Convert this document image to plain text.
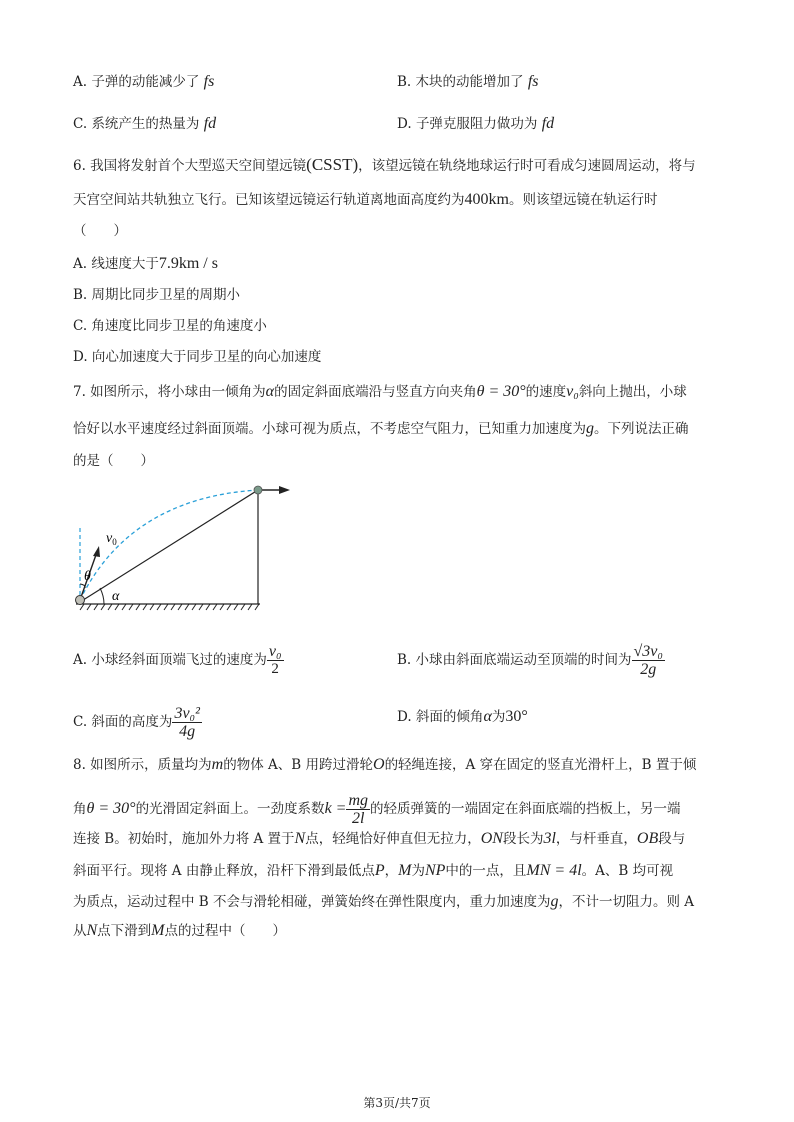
A. 子弹的动能减少了 fs	B. 木块的动能增加了 fs
C. 系统产生的热量为 fd	D. 子弹克服阻力做功为 fd
6. 我国将发射首个大型巡天空间望远镜(CSST)，该望远镜在轨绕地球运行时可看成匀速圆周运动，将与
天宫空间站共轨独立飞行。已知该望远镜运行轨道离地面高度约为400km。则该望远镜在轨运行时
（　　）
A. 线速度大于7.9km / s
B. 周期比同步卫星的周期小
C. 角速度比同步卫星的角速度小
D. 向心加速度大于同步卫星的向心加速度
7. 如图所示，将小球由一倾角为α的固定斜面底端沿与竖直方向夹角θ = 30°的速度v₀斜向上抛出，小球
恰好以水平速度经过斜面顶端。小球可视为质点，不考虑空气阻力，已知重力加速度为g。下列说法正确
的是（　　）
$v_0$
θ
α
A. 小球经斜面顶端飞过的速度为 $\frac{\text{v₀}}{2}$	B. 小球由斜面底端运动至顶端的时间为 $\frac{\text{√3v₀}}{2g}$
C. 斜面的高度为 $\frac{\text{3v₀²}}{4g}$	D. 斜面的倾角α为30°
8. 如图所示，质量均为m的物体 A、B 用跨过滑轮O的轻绳连接，A 穿在固定的竖直光滑杆上，B 置于倾
角θ = 30°的光滑固定斜面上。一劲度系数$k = \frac{mg}{2l}$ 的轻质弹簧的一端固定在斜面底端的挡板上，另一端
连接 B。初始时，施加外力将 A 置于N点，轻绳恰好伸直但无拉力，ON段长为3l，与杆垂直，OB段与
斜面平行。现将 A 由静止释放，沿杆下滑到最低点P，M为NP中的一点，且MN = 4l。A、B 均可视
为质点，运动过程中 B 不会与滑轮相碰，弹簧始终在弹性限度内，重力加速度为g，不计一切阻力。则 A
从N点下滑到M点的过程中（　　）
第3页/共7页
